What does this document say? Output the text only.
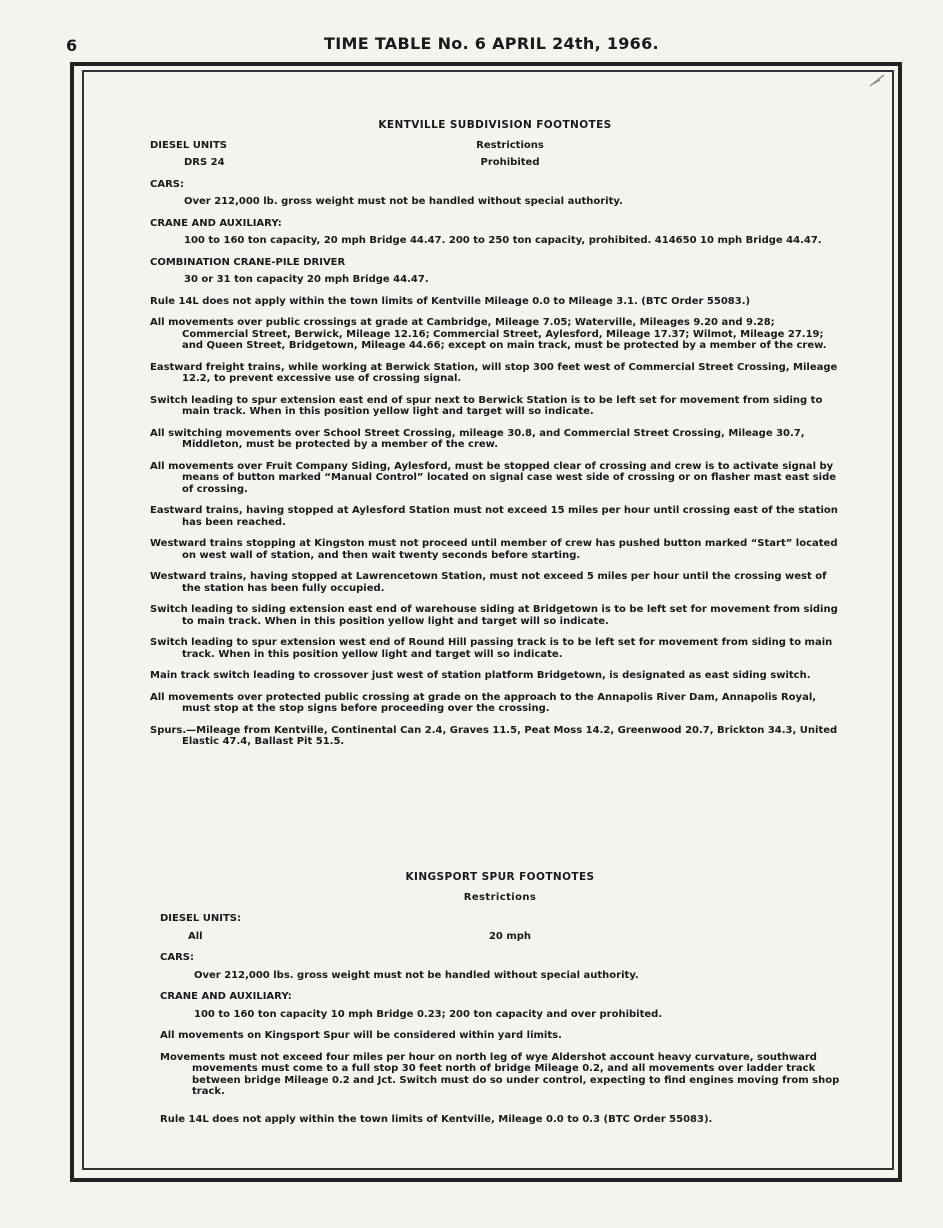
6	TIME TABLE No. 6 APRIL 24th, 1966.
KENTVILLE SUBDIVISION FOOTNOTES
DIESEL UNITS	Restrictions
DRS 24	Prohibited
CARS:
Over 212,000 lb. gross weight must not be handled without special authority.
CRANE AND AUXILIARY:
100 to 160 ton capacity, 20 mph Bridge 44.47. 200 to 250 ton capacity, prohibited. 414650 10 mph Bridge 44.47.
COMBINATION CRANE-PILE DRIVER
30 or 31 ton capacity 20 mph Bridge 44.47.
Rule 14L does not apply within the town limits of Kentville Mileage 0.0 to Mileage 3.1. (BTC Order 55083.)
All movements over public crossings at grade at Cambridge, Mileage 7.05; Waterville, Mileages 9.20 and 9.28; Commercial Street, Berwick, Mileage 12.16; Commercial Street, Aylesford, Mileage 17.37; Wilmot, Mileage 27.19; and Queen Street, Bridgetown, Mileage 44.66; except on main track, must be protected by a member of the crew.
Eastward freight trains, while working at Berwick Station, will stop 300 feet west of Commercial Street Crossing, Mileage 12.2, to prevent excessive use of crossing signal.
Switch leading to spur extension east end of spur next to Berwick Station is to be left set for movement from siding to main track. When in this position yellow light and target will so indicate.
All switching movements over School Street Crossing, mileage 30.8, and Commercial Street Crossing, Mileage 30.7, Middleton, must be protected by a member of the crew.
All movements over Fruit Company Siding, Aylesford, must be stopped clear of crossing and crew is to activate signal by means of button marked “Manual Control” located on signal case west side of crossing or on flasher mast east side of crossing.
Eastward trains, having stopped at Aylesford Station must not exceed 15 miles per hour until crossing east of the station has been reached.
Westward trains stopping at Kingston must not proceed until member of crew has pushed button marked “Start” located on west wall of station, and then wait twenty seconds before starting.
Westward trains, having stopped at Lawrencetown Station, must not exceed 5 miles per hour until the crossing west of the station has been fully occupied.
Switch leading to siding extension east end of warehouse siding at Bridgetown is to be left set for movement from siding to main track. When in this position yellow light and target will so indicate.
Switch leading to spur extension west end of Round Hill passing track is to be left set for movement from siding to main track. When in this position yellow light and target will so indicate.
Main track switch leading to crossover just west of station platform Bridgetown, is designated as east siding switch.
All movements over protected public crossing at grade on the approach to the Annapolis River Dam, Annapolis Royal, must stop at the stop signs before proceeding over the crossing.
Spurs.—Mileage from Kentville, Continental Can 2.4, Graves 11.5, Peat Moss 14.2, Greenwood 20.7, Brickton 34.3, United Elastic 47.4, Ballast Pit 51.5.
KINGSPORT SPUR FOOTNOTES
Restrictions
DIESEL UNITS:
All	20 mph
CARS:
Over 212,000 lbs. gross weight must not be handled without special authority.
CRANE AND AUXILIARY:
100 to 160 ton capacity 10 mph Bridge 0.23; 200 ton capacity and over prohibited.
All movements on Kingsport Spur will be considered within yard limits.
Movements must not exceed four miles per hour on north leg of wye Aldershot account heavy curvature, southward movements must come to a full stop 30 feet north of bridge Mileage 0.2, and all movements over ladder track between bridge Mileage 0.2 and Jct. Switch must do so under control, expecting to find engines moving from shop track.
Rule 14L does not apply within the town limits of Kentville, Mileage 0.0 to 0.3 (BTC Order 55083).
